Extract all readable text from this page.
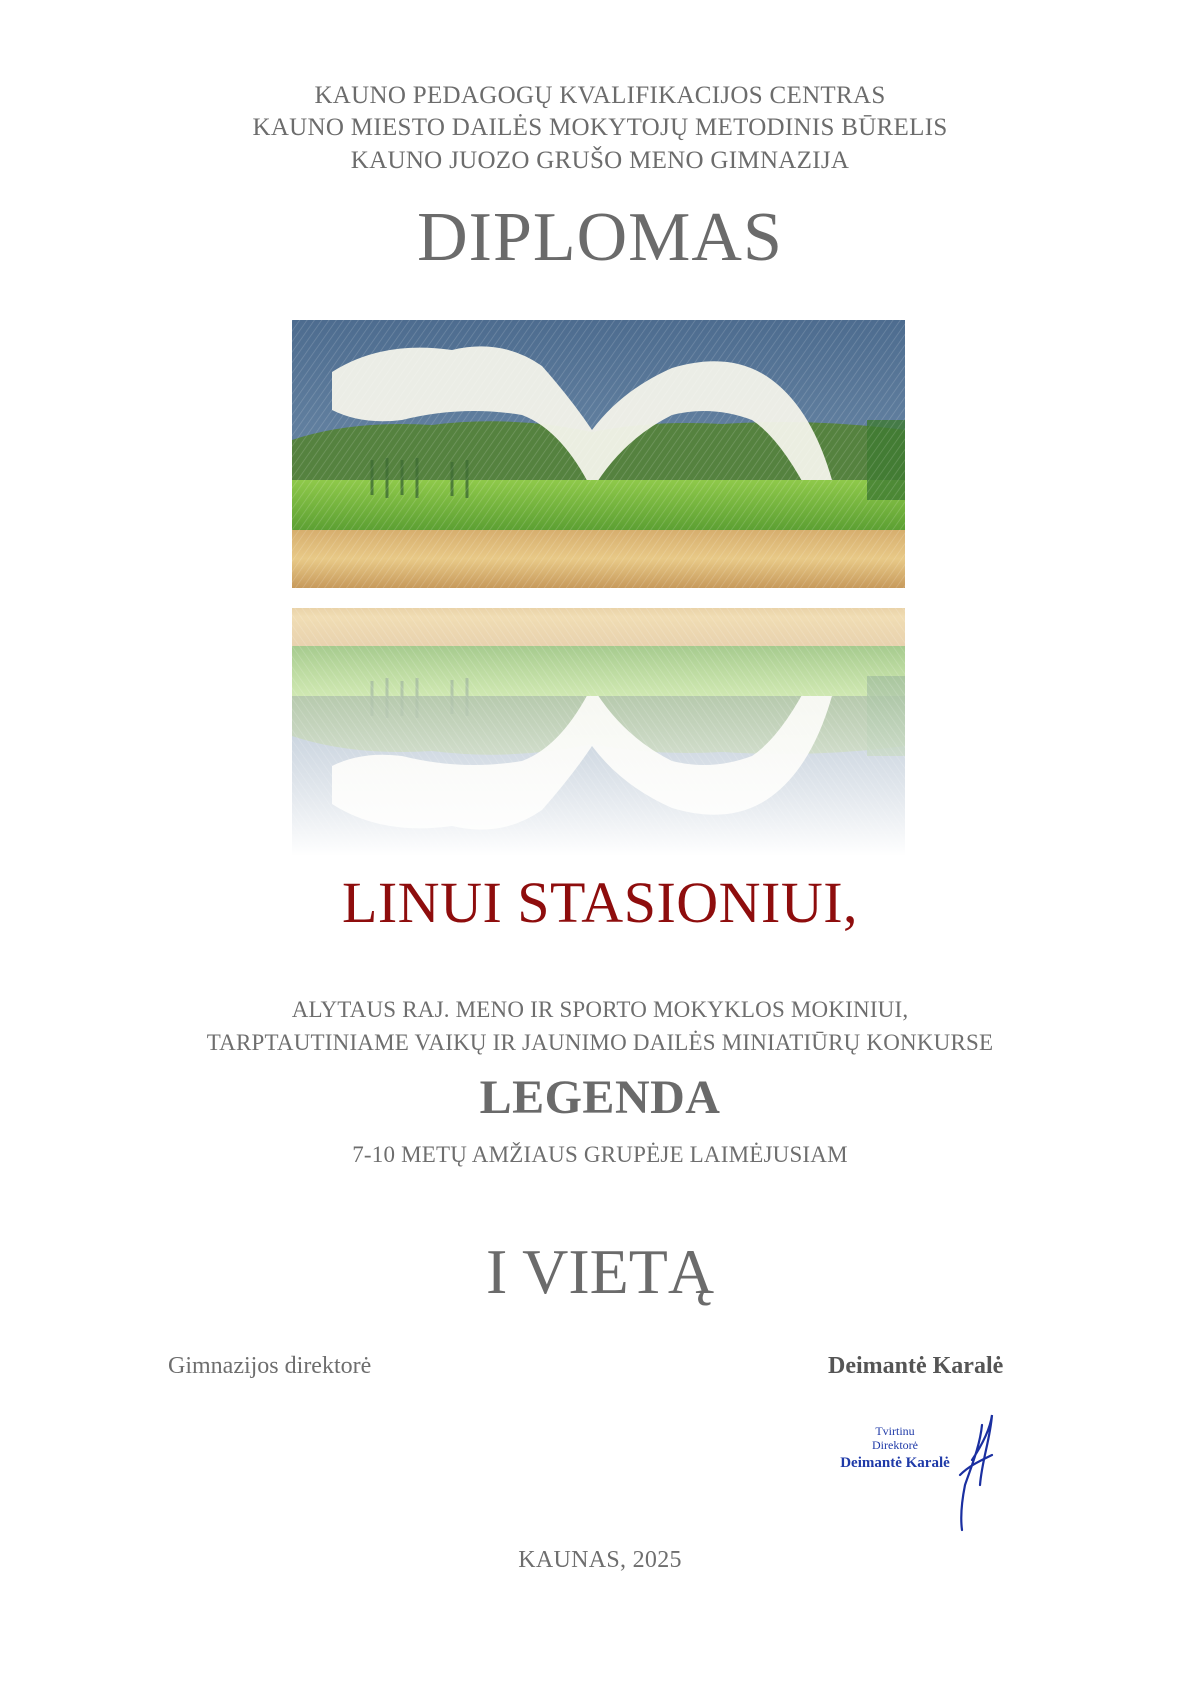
KAUNO PEDAGOGŲ KVALIFIKACIJOS CENTRAS
KAUNO MIESTO DAILĖS MOKYTOJŲ METODINIS BŪRELIS
KAUNO JUOZO GRUŠO MENO GIMNAZIJA
DIPLOMAS
LINUI STASIONIUI,
ALYTAUS RAJ. MENO IR SPORTO MOKYKLOS MOKINIUI,
TARPTAUTINIAME VAIKŲ IR JAUNIMO DAILĖS MINIATIŪRŲ KONKURSE
LEGENDA
7-10 METŲ AMŽIAUS GRUPĖJE LAIMĖJUSIAM
I VIETĄ
Gimnazijos direktorė	Deimantė Karalė
Tvirtinu
Direktorė
Deimantė Karalė
KAUNAS, 2025
